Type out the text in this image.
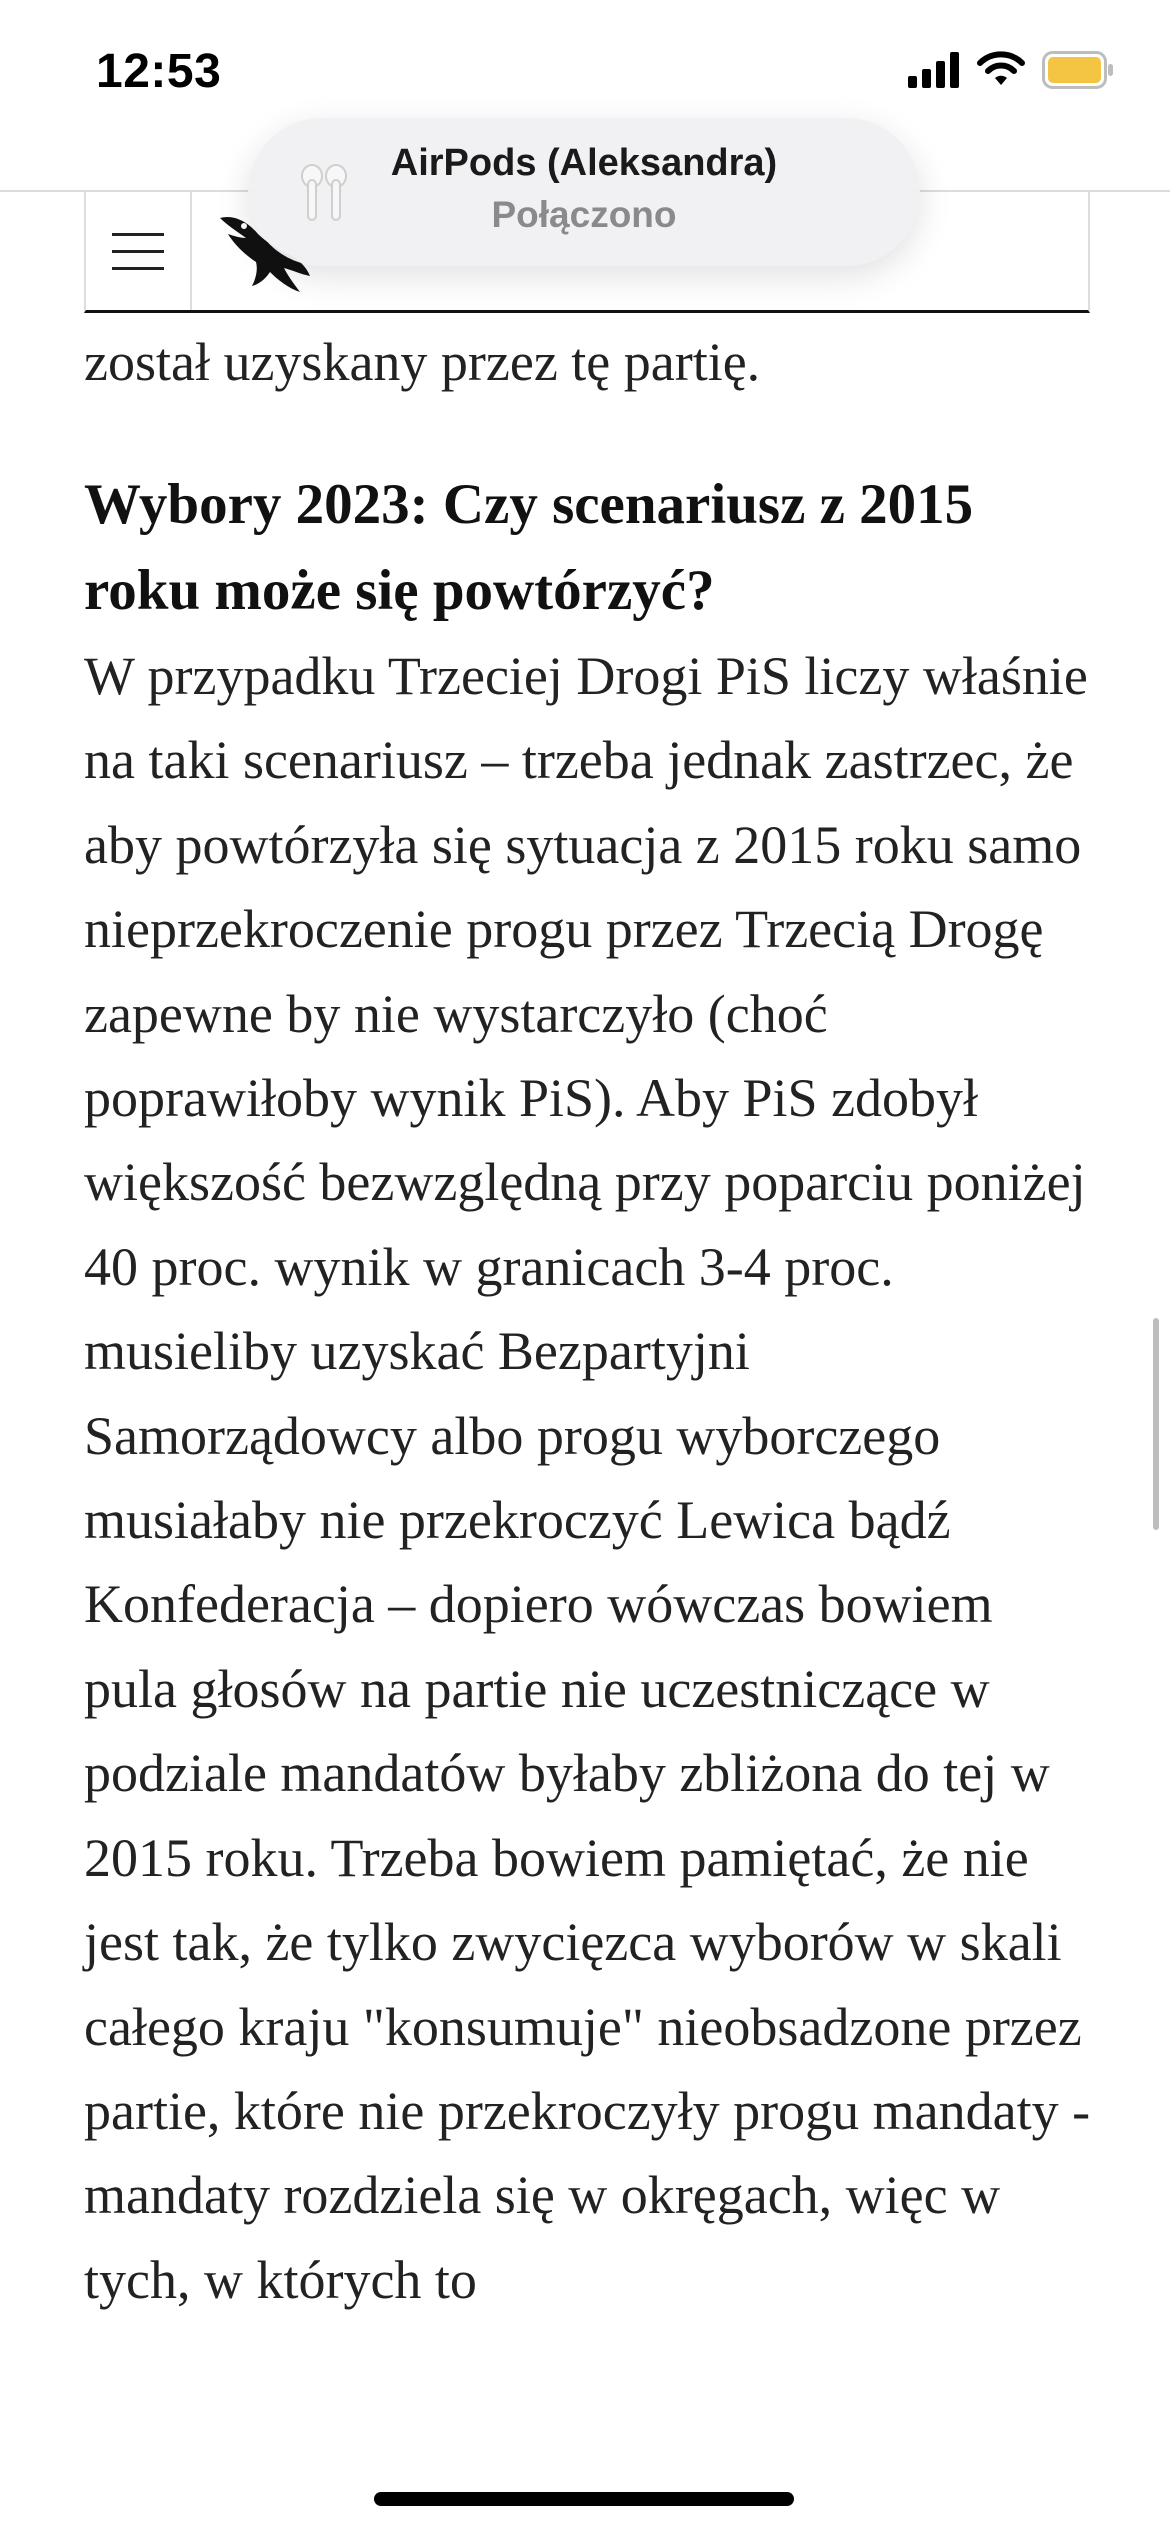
12:53
AirPods (Aleksandra)
Połączono

został uzyskany przez tę partię.

Wybory 2023: Czy scenariusz z 2015 roku może się powtórzyć?

W przypadku Trzeciej Drogi PiS liczy właśnie na taki scenariusz – trzeba jednak zastrzec, że aby powtórzyła się sytuacja z 2015 roku samo nieprzekroczenie progu przez Trzecią Drogę zapewne by nie wystarczyło (choć poprawiłoby wynik PiS). Aby PiS zdobył większość bezwzględną przy poparciu poniżej 40 proc. wynik w granicach 3-4 proc. musieliby uzyskać Bezpartyjni Samorządowcy albo progu wyborczego musiałaby nie przekroczyć Lewica bądź Konfederacja – dopiero wówczas bowiem pula głosów na partie nie uczestniczące w podziale mandatów byłaby zbliżona do tej w 2015 roku. Trzeba bowiem pamiętać, że nie jest tak, że tylko zwycięzca wyborów w skali całego kraju "konsumuje" nieobsadzone przez partie, które nie przekroczyły progu mandaty - mandaty rozdziela się w okręgach, więc w tych, w których to
